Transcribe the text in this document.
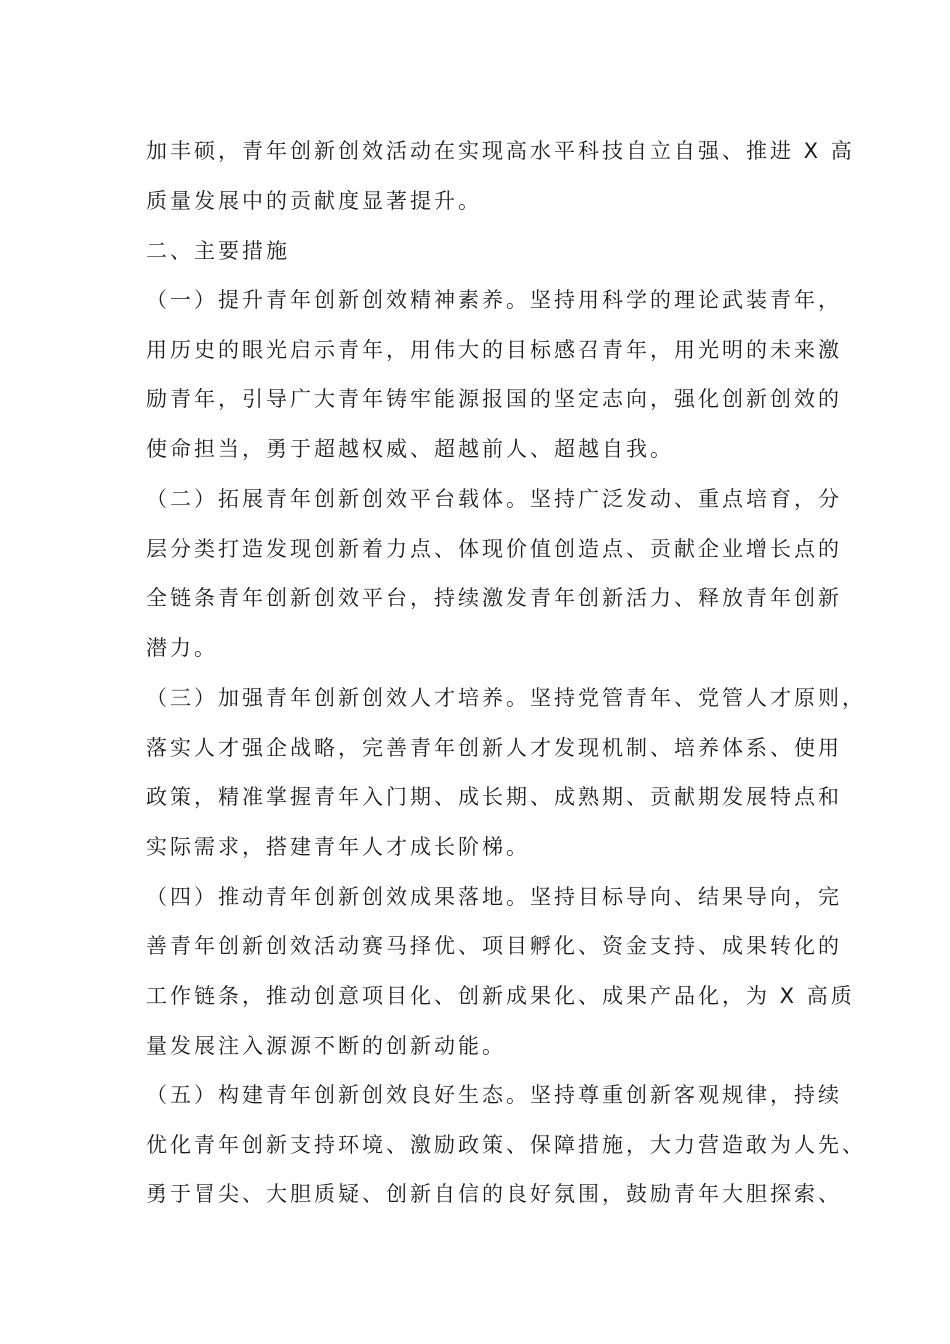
加丰硕，青年创新创效活动在实现高水平科技自立自强、推进 X 高
质量发展中的贡献度显著提升。
二、主要措施
（一）提升青年创新创效精神素养。坚持用科学的理论武装青年，
用历史的眼光启示青年，用伟大的目标感召青年，用光明的未来激
励青年，引导广大青年铸牢能源报国的坚定志向，强化创新创效的
使命担当，勇于超越权威、超越前人、超越自我。
（二）拓展青年创新创效平台载体。坚持广泛发动、重点培育，分
层分类打造发现创新着力点、体现价值创造点、贡献企业增长点的
全链条青年创新创效平台，持续激发青年创新活力、释放青年创新
潜力。
（三）加强青年创新创效人才培养。坚持党管青年、党管人才原则，
落实人才强企战略，完善青年创新人才发现机制、培养体系、使用
政策，精准掌握青年入门期、成长期、成熟期、贡献期发展特点和
实际需求，搭建青年人才成长阶梯。
（四）推动青年创新创效成果落地。坚持目标导向、结果导向，完
善青年创新创效活动赛马择优、项目孵化、资金支持、成果转化的
工作链条，推动创意项目化、创新成果化、成果产品化，为 X 高质
量发展注入源源不断的创新动能。
（五）构建青年创新创效良好生态。坚持尊重创新客观规律，持续
优化青年创新支持环境、激励政策、保障措施，大力营造敢为人先、
勇于冒尖、大胆质疑、创新自信的良好氛围，鼓励青年大胆探索、
